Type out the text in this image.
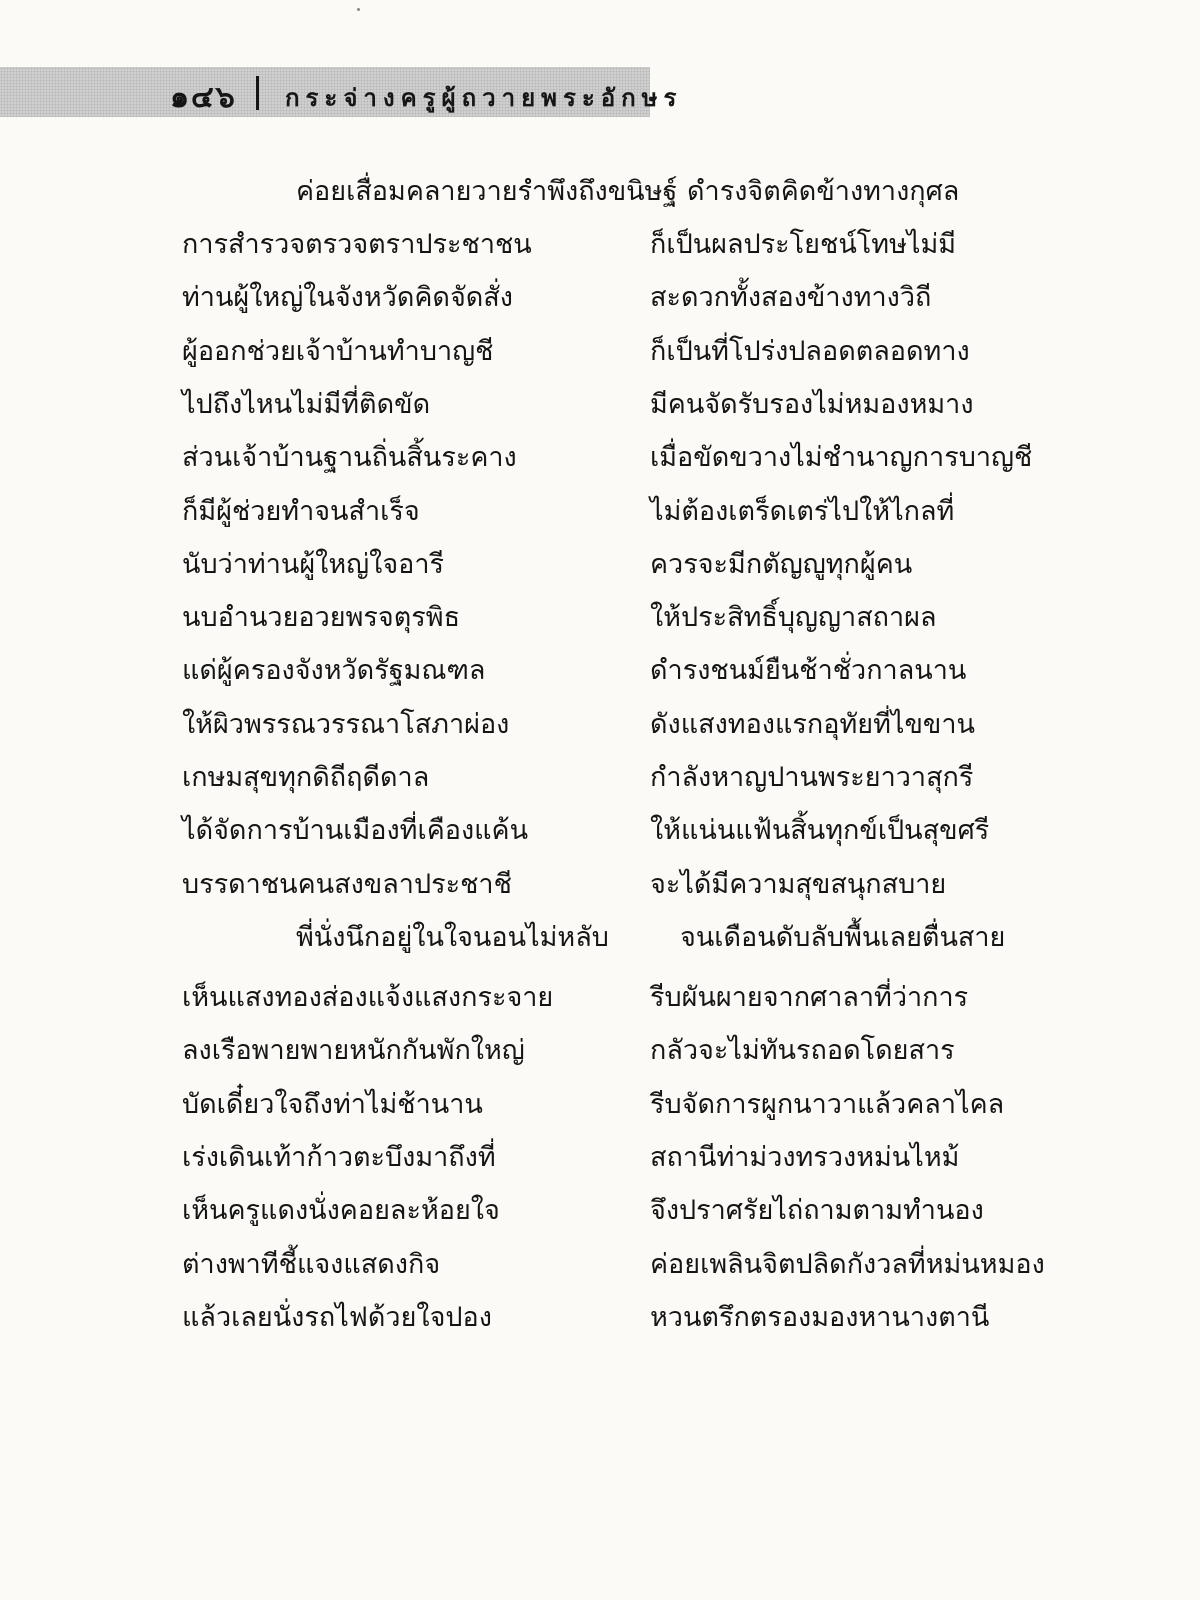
๑๔๖ กระจ่างครูผู้ถวายพระอักษร
ค่อยเสื่อมคลายวายรำพึงถึงขนิษฐ์ ดำรงจิตคิดข้างทางกุศล
การสำรวจตรวจตราประชาชน	ก็เป็นผลประโยชน์โทษไม่มี
ท่านผู้ใหญ่ในจังหวัดคิดจัดสั่ง	สะดวกทั้งสองข้างทางวิถี
ผู้ออกช่วยเจ้าบ้านทำบาญชี	ก็เป็นที่โปร่งปลอดตลอดทาง
ไปถึงไหนไม่มีที่ติดขัด	มีคนจัดรับรองไม่หมองหมาง
ส่วนเจ้าบ้านฐานถิ่นสิ้นระคาง	เมื่อขัดขวางไม่ชำนาญการบาญชี
ก็มีผู้ช่วยทำจนสำเร็จ	ไม่ต้องเตร็ดเตร่ไปให้ไกลที่
นับว่าท่านผู้ใหญ่ใจอารี	ควรจะมีกตัญญูทุกผู้คน
นบอำนวยอวยพรจตุรพิธ	ให้ประสิทธิ์บุญญาสถาผล
แด่ผู้ครองจังหวัดรัฐมณฑล	ดำรงชนม์ยืนช้าชั่วกาลนาน
ให้ผิวพรรณวรรณาโสภาผ่อง	ดังแสงทองแรกอุทัยที่ไขขาน
เกษมสุขทุกดิถีฤดีดาล	กำลังหาญปานพระยาวาสุกรี
ได้จัดการบ้านเมืองที่เคืองแค้น	ให้แน่นแฟ้นสิ้นทุกข์เป็นสุขศรี
บรรดาชนคนสงขลาประชาชี	จะได้มีความสุขสนุกสบาย
พี่นั่งนึกอยู่ในใจนอนไม่หลับ	จนเดือนดับลับพื้นเลยตื่นสาย
เห็นแสงทองส่องแจ้งแสงกระจาย	รีบผันผายจากศาลาที่ว่าการ
ลงเรือพายพายหนักกันพักใหญ่	กลัวจะไม่ทันรถอดโดยสาร
บัดเดี๋ยวใจถึงท่าไม่ช้านาน	รีบจัดการผูกนาวาแล้วคลาไคล
เร่งเดินเท้าก้าวตะบึงมาถึงที่	สถานีท่าม่วงทรวงหม่นไหม้
เห็นครูแดงนั่งคอยละห้อยใจ	จึงปราศรัยไถ่ถามตามทำนอง
ต่างพาทีชี้แจงแสดงกิจ	ค่อยเพลินจิตปลิดกังวลที่หม่นหมอง
แล้วเลยนั่งรถไฟด้วยใจปอง	หวนตรึกตรองมองหานางตานี
